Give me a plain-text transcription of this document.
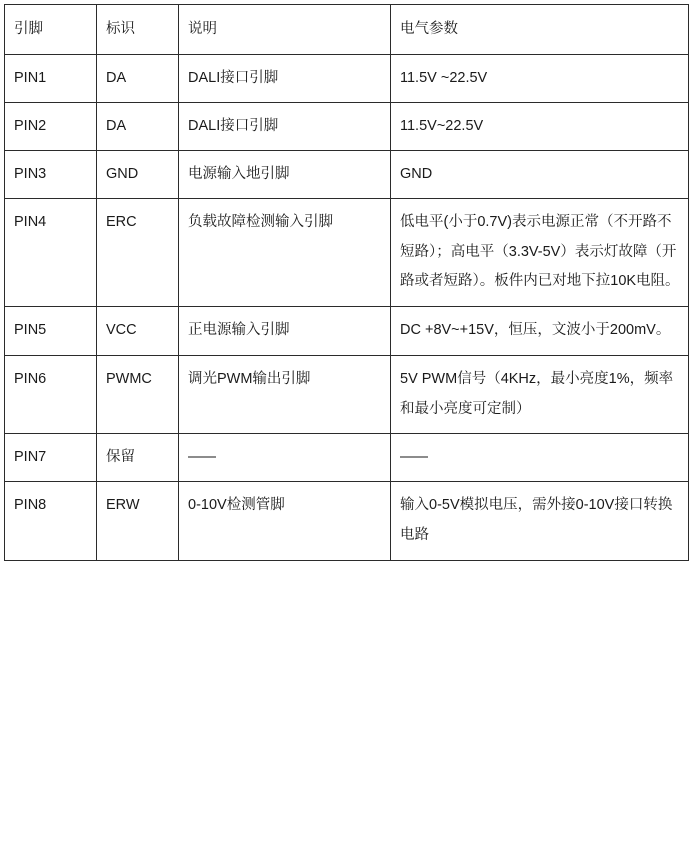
引脚	标识	说明	电气参数
PIN1	DA	DALI接口引脚	11.5V ~22.5V
PIN2	DA	DALI接口引脚	11.5V~22.5V
PIN3	GND	电源输入地引脚	GND
PIN4	ERC	负载故障检测输入引脚	低电平(小于0.7V)表示电源正常（不开路不短路）；高电平（3.3V-5V）表示灯故障（开路或者短路）。板件内已对地下拉10K电阻。
PIN5	VCC	正电源输入引脚	DC +8V~+15V，恒压，文波小于200mV。
PIN6	PWMC	调光PWM输出引脚	5V PWM信号（4KHz，最小亮度1%，频率和最小亮度可定制）
PIN7	保留	——	——
PIN8	ERW	0-10V检测管脚	输入0-5V模拟电压，需外接0-10V接口转换电路
